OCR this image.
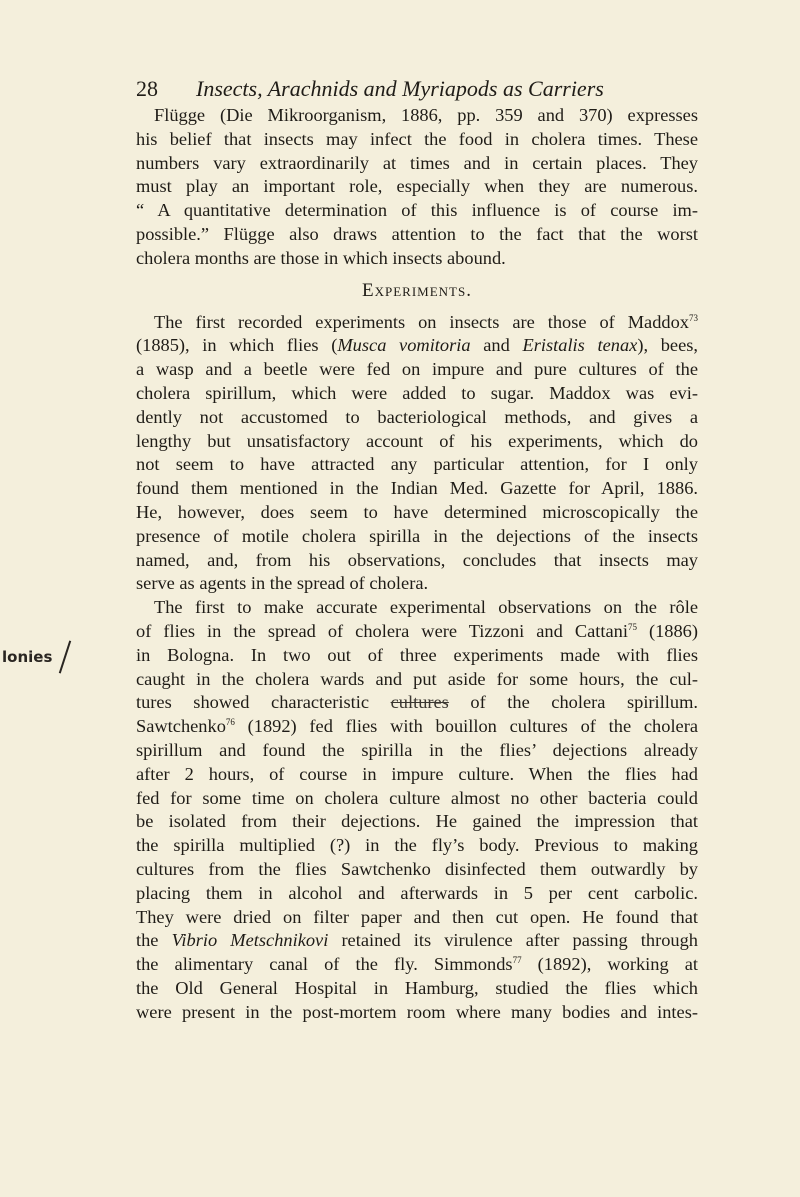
28 Insects, Arachnids and Myriapods as Carriers
lonies
Flügge (Die Mikroorganism, 1886, pp. 359 and 370) expresses
his belief that insects may infect the food in cholera times. These
numbers vary extraordinarily at times and in certain places. They
must play an important role, especially when they are numerous.
“ A quantitative determination of this influence is of course im-
possible.” Flügge also draws attention to the fact that the worst
cholera months are those in which insects abound.
Experiments.
The first recorded experiments on insects are those of Maddox$^{73}$
(1885), in which flies (Musca vomitoria and Eristalis tenax), bees,
a wasp and a beetle were fed on impure and pure cultures of the
cholera spirillum, which were added to sugar. Maddox was evi-
dently not accustomed to bacteriological methods, and gives a
lengthy but unsatisfactory account of his experiments, which do
not seem to have attracted any particular attention, for I only
found them mentioned in the Indian Med. Gazette for April, 1886.
He, however, does seem to have determined microscopically the
presence of motile cholera spirilla in the dejections of the insects
named, and, from his observations, concludes that insects may
serve as agents in the spread of cholera.
The first to make accurate experimental observations on the rôle
of flies in the spread of cholera were Tizzoni and Cattani$^{75}$ (1886)
in Bologna. In two out of three experiments made with flies
caught in the cholera wards and put aside for some hours, the cul-
tures showed characteristic cultures of the cholera spirillum.
Sawtchenko$^{76}$ (1892) fed flies with bouillon cultures of the cholera
spirillum and found the spirilla in the flies’ dejections already
after 2 hours, of course in impure culture. When the flies had
fed for some time on cholera culture almost no other bacteria could
be isolated from their dejections. He gained the impression that
the spirilla multiplied (?) in the fly’s body. Previous to making
cultures from the flies Sawtchenko disinfected them outwardly by
placing them in alcohol and afterwards in 5 per cent carbolic.
They were dried on filter paper and then cut open. He found that
the Vibrio Metschnikovi retained its virulence after passing through
the alimentary canal of the fly. Simmonds$^{77}$ (1892), working at
the Old General Hospital in Hamburg, studied the flies which
were present in the post-mortem room where many bodies and intes-
